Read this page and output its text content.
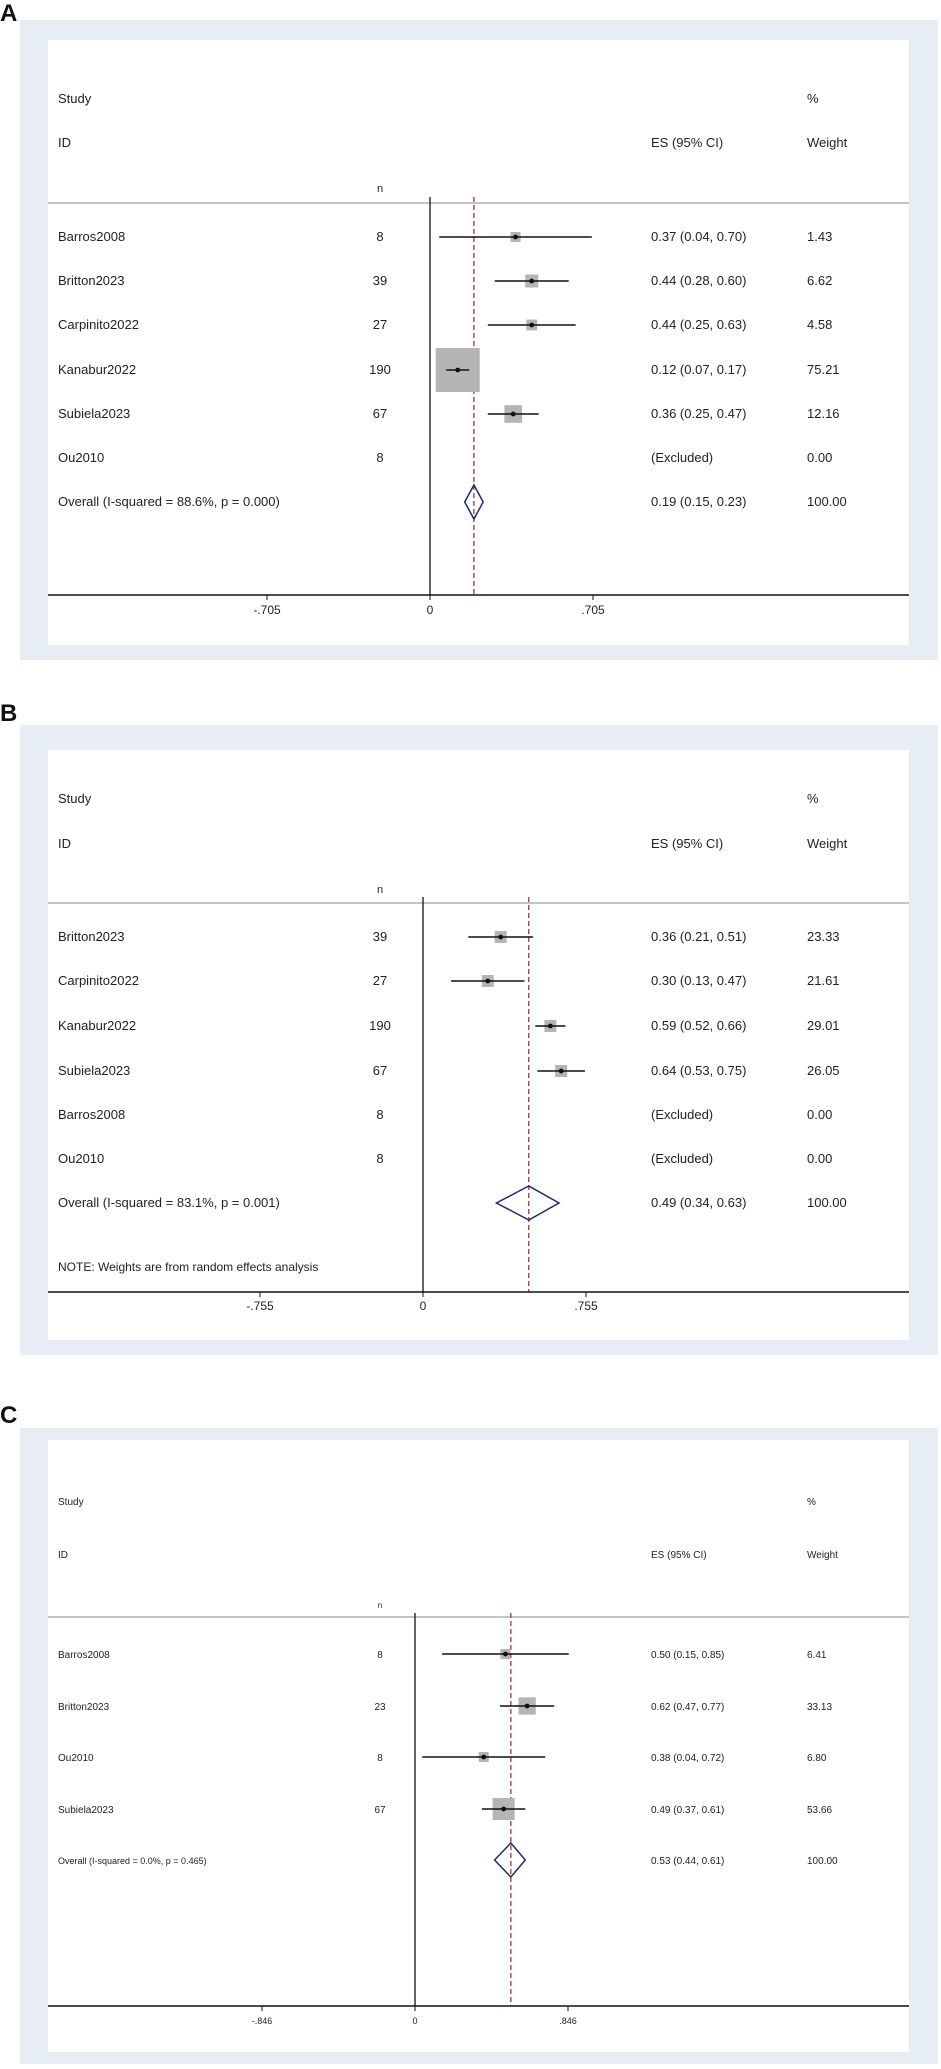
A
B
C
Study
ID
n
ES (95% CI)
%
Weight
Barros2008	8	0.37 (0.04, 0.70)	1.43
Britton2023	39	0.44 (0.28, 0.60)	6.62
Carpinito2022	27	0.44 (0.25, 0.63)	4.58
Kanabur2022	190	0.12 (0.07, 0.17)	75.21
Subiela2023	67	0.36 (0.25, 0.47)	12.16
Ou2010	8	(Excluded)	0.00
Overall (I-squared = 88.6%, p = 0.000)	0.19 (0.15, 0.23)	100.00
-.705	0	.705
Study
ID
n
ES (95% CI)
%
Weight
Britton2023	39	0.36 (0.21, 0.51)	23.33
Carpinito2022	27	0.30 (0.13, 0.47)	21.61
Kanabur2022	190	0.59 (0.52, 0.66)	29.01
Subiela2023	67	0.64 (0.53, 0.75)	26.05
Barros2008	8	(Excluded)	0.00
Ou2010	8	(Excluded)	0.00
Overall (I-squared = 83.1%, p = 0.001)	0.49 (0.34, 0.63)	100.00
NOTE: Weights are from random effects analysis
-.755	0	.755
Study
ID
n
ES (95% CI)
%
Weight
Barros2008	8	0.50 (0.15, 0.85)	6.41
Britton2023	23	0.62 (0.47, 0.77)	33.13
Ou2010	8	0.38 (0.04, 0.72)	6.80
Subiela2023	67	0.49 (0.37, 0.61)	53.66
Overall (I-squared = 0.0%, p = 0.465)	0.53 (0.44, 0.61)	100.00
-.846	0	.846
